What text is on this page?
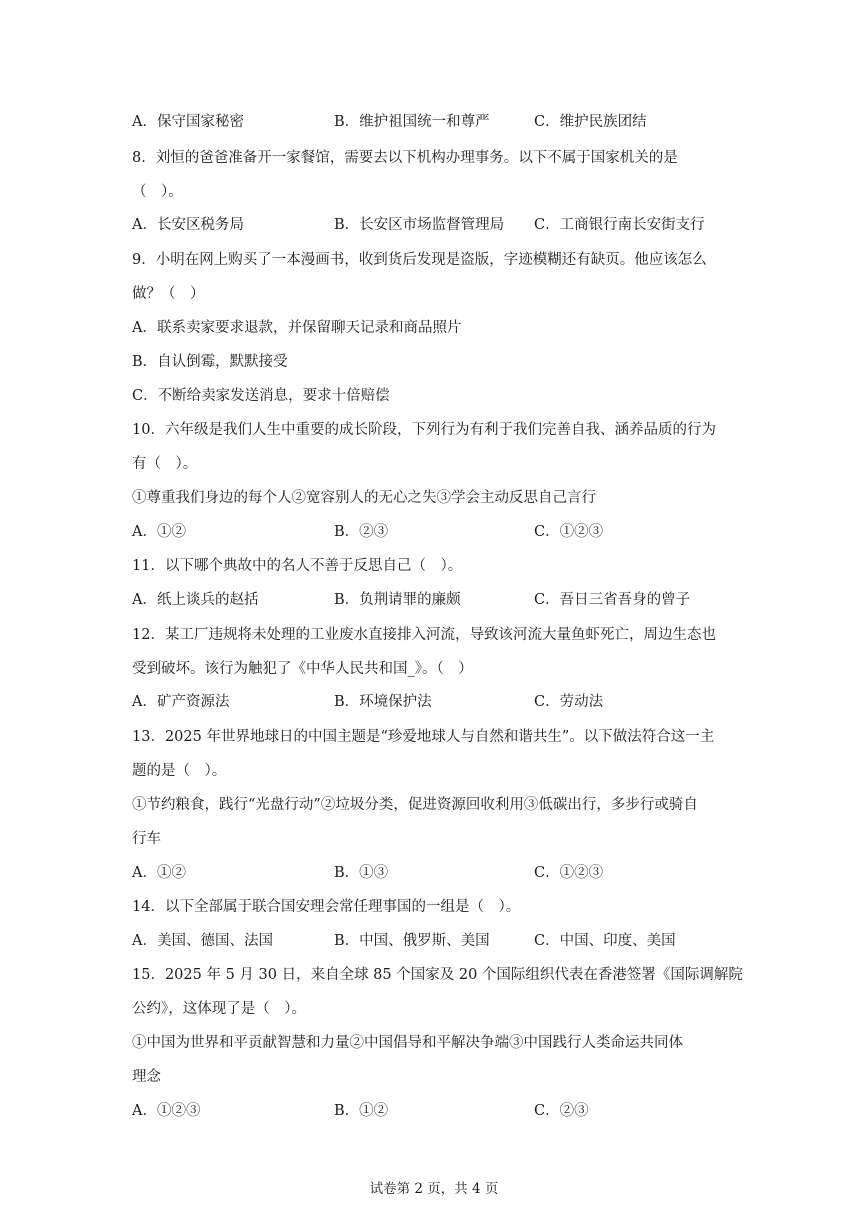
A．保守国家秘密	B．维护祖国统一和尊严	C．维护民族团结
8．刘恒的爸爸准备开一家餐馆，需要去以下机构办理事务。以下不属于国家机关的是
（　）。
A．长安区税务局	B．长安区市场监督管理局 C．工商银行南长安街支行
9．小明在网上购买了一本漫画书，收到货后发现是盗版，字迹模糊还有缺页。他应该怎么
做？（　）
A．联系卖家要求退款，并保留聊天记录和商品照片
B．自认倒霉，默默接受
C．不断给卖家发送消息，要求十倍赔偿
10．六年级是我们人生中重要的成长阶段，下列行为有利于我们完善自我、涵养品质的行为
有（　）。
①尊重我们身边的每个人②宽容别人的无心之失③学会主动反思自己言行
A．①②	B．②③	C．①②③
11．以下哪个典故中的名人不善于反思自己（　）。
A．纸上谈兵的赵括	B．负荆请罪的廉颇	C．吾日三省吾身的曾子
12．某工厂违规将未处理的工业废水直接排入河流，导致该河流大量鱼虾死亡，周边生态也
受到破坏。该行为触犯了《中华人民共和国_》。（　）
A．矿产资源法	B．环境保护法	C．劳动法
13．2025 年世界地球日的中国主题是“珍爱地球人与自然和谐共生”。以下做法符合这一主
题的是（　）。
①节约粮食，践行“光盘行动”②垃圾分类，促进资源回收利用③低碳出行，多步行或骑自
行车
A．①②	B．①③	C．①②③
14．以下全部属于联合国安理会常任理事国的一组是（　）。
A．美国、德国、法国	B．中国、俄罗斯、美国	C．中国、印度、美国
15．2025 年 5 月 30 日，来自全球 85 个国家及 20 个国际组织代表在香港签署《国际调解院
公约》，这体现了是（　）。
①中国为世界和平贡献智慧和力量②中国倡导和平解决争端③中国践行人类命运共同体
理念
A．①②③	B．①②	C．②③
试卷第 2 页，共 4 页
